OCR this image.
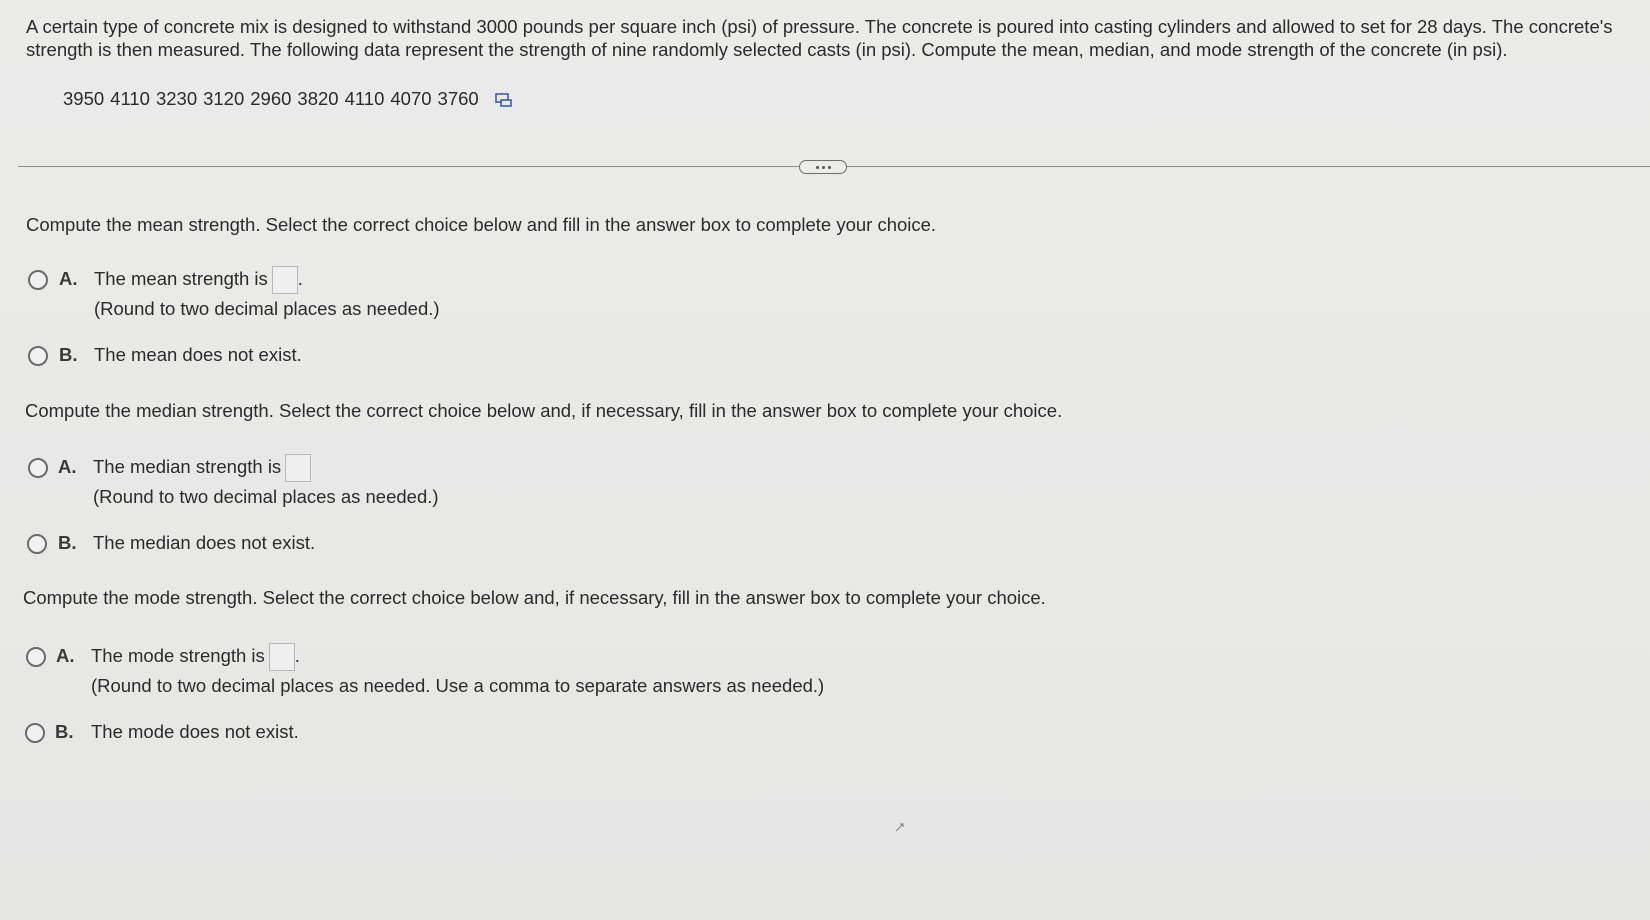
A certain type of concrete mix is designed to withstand 3000 pounds per square inch (psi) of pressure. The concrete is poured into casting cylinders and allowed to set for 28 days. The concrete's strength is then measured. The following data represent the strength of nine randomly selected casts (in psi). Compute the mean, median, and mode strength of the concrete (in psi).
3950 4110 3230 3120 2960 3820 4110 4070 3760
Compute the mean strength. Select the correct choice below and fill in the answer box to complete your choice.
A. The mean strength is .
(Round to two decimal places as needed.)
B. The mean does not exist.
Compute the median strength. Select the correct choice below and, if necessary, fill in the answer box to complete your choice.
A. The median strength is
(Round to two decimal places as needed.)
B. The median does not exist.
Compute the mode strength. Select the correct choice below and, if necessary, fill in the answer box to complete your choice.
A. The mode strength is .
(Round to two decimal places as needed. Use a comma to separate answers as needed.)
B. The mode does not exist.
